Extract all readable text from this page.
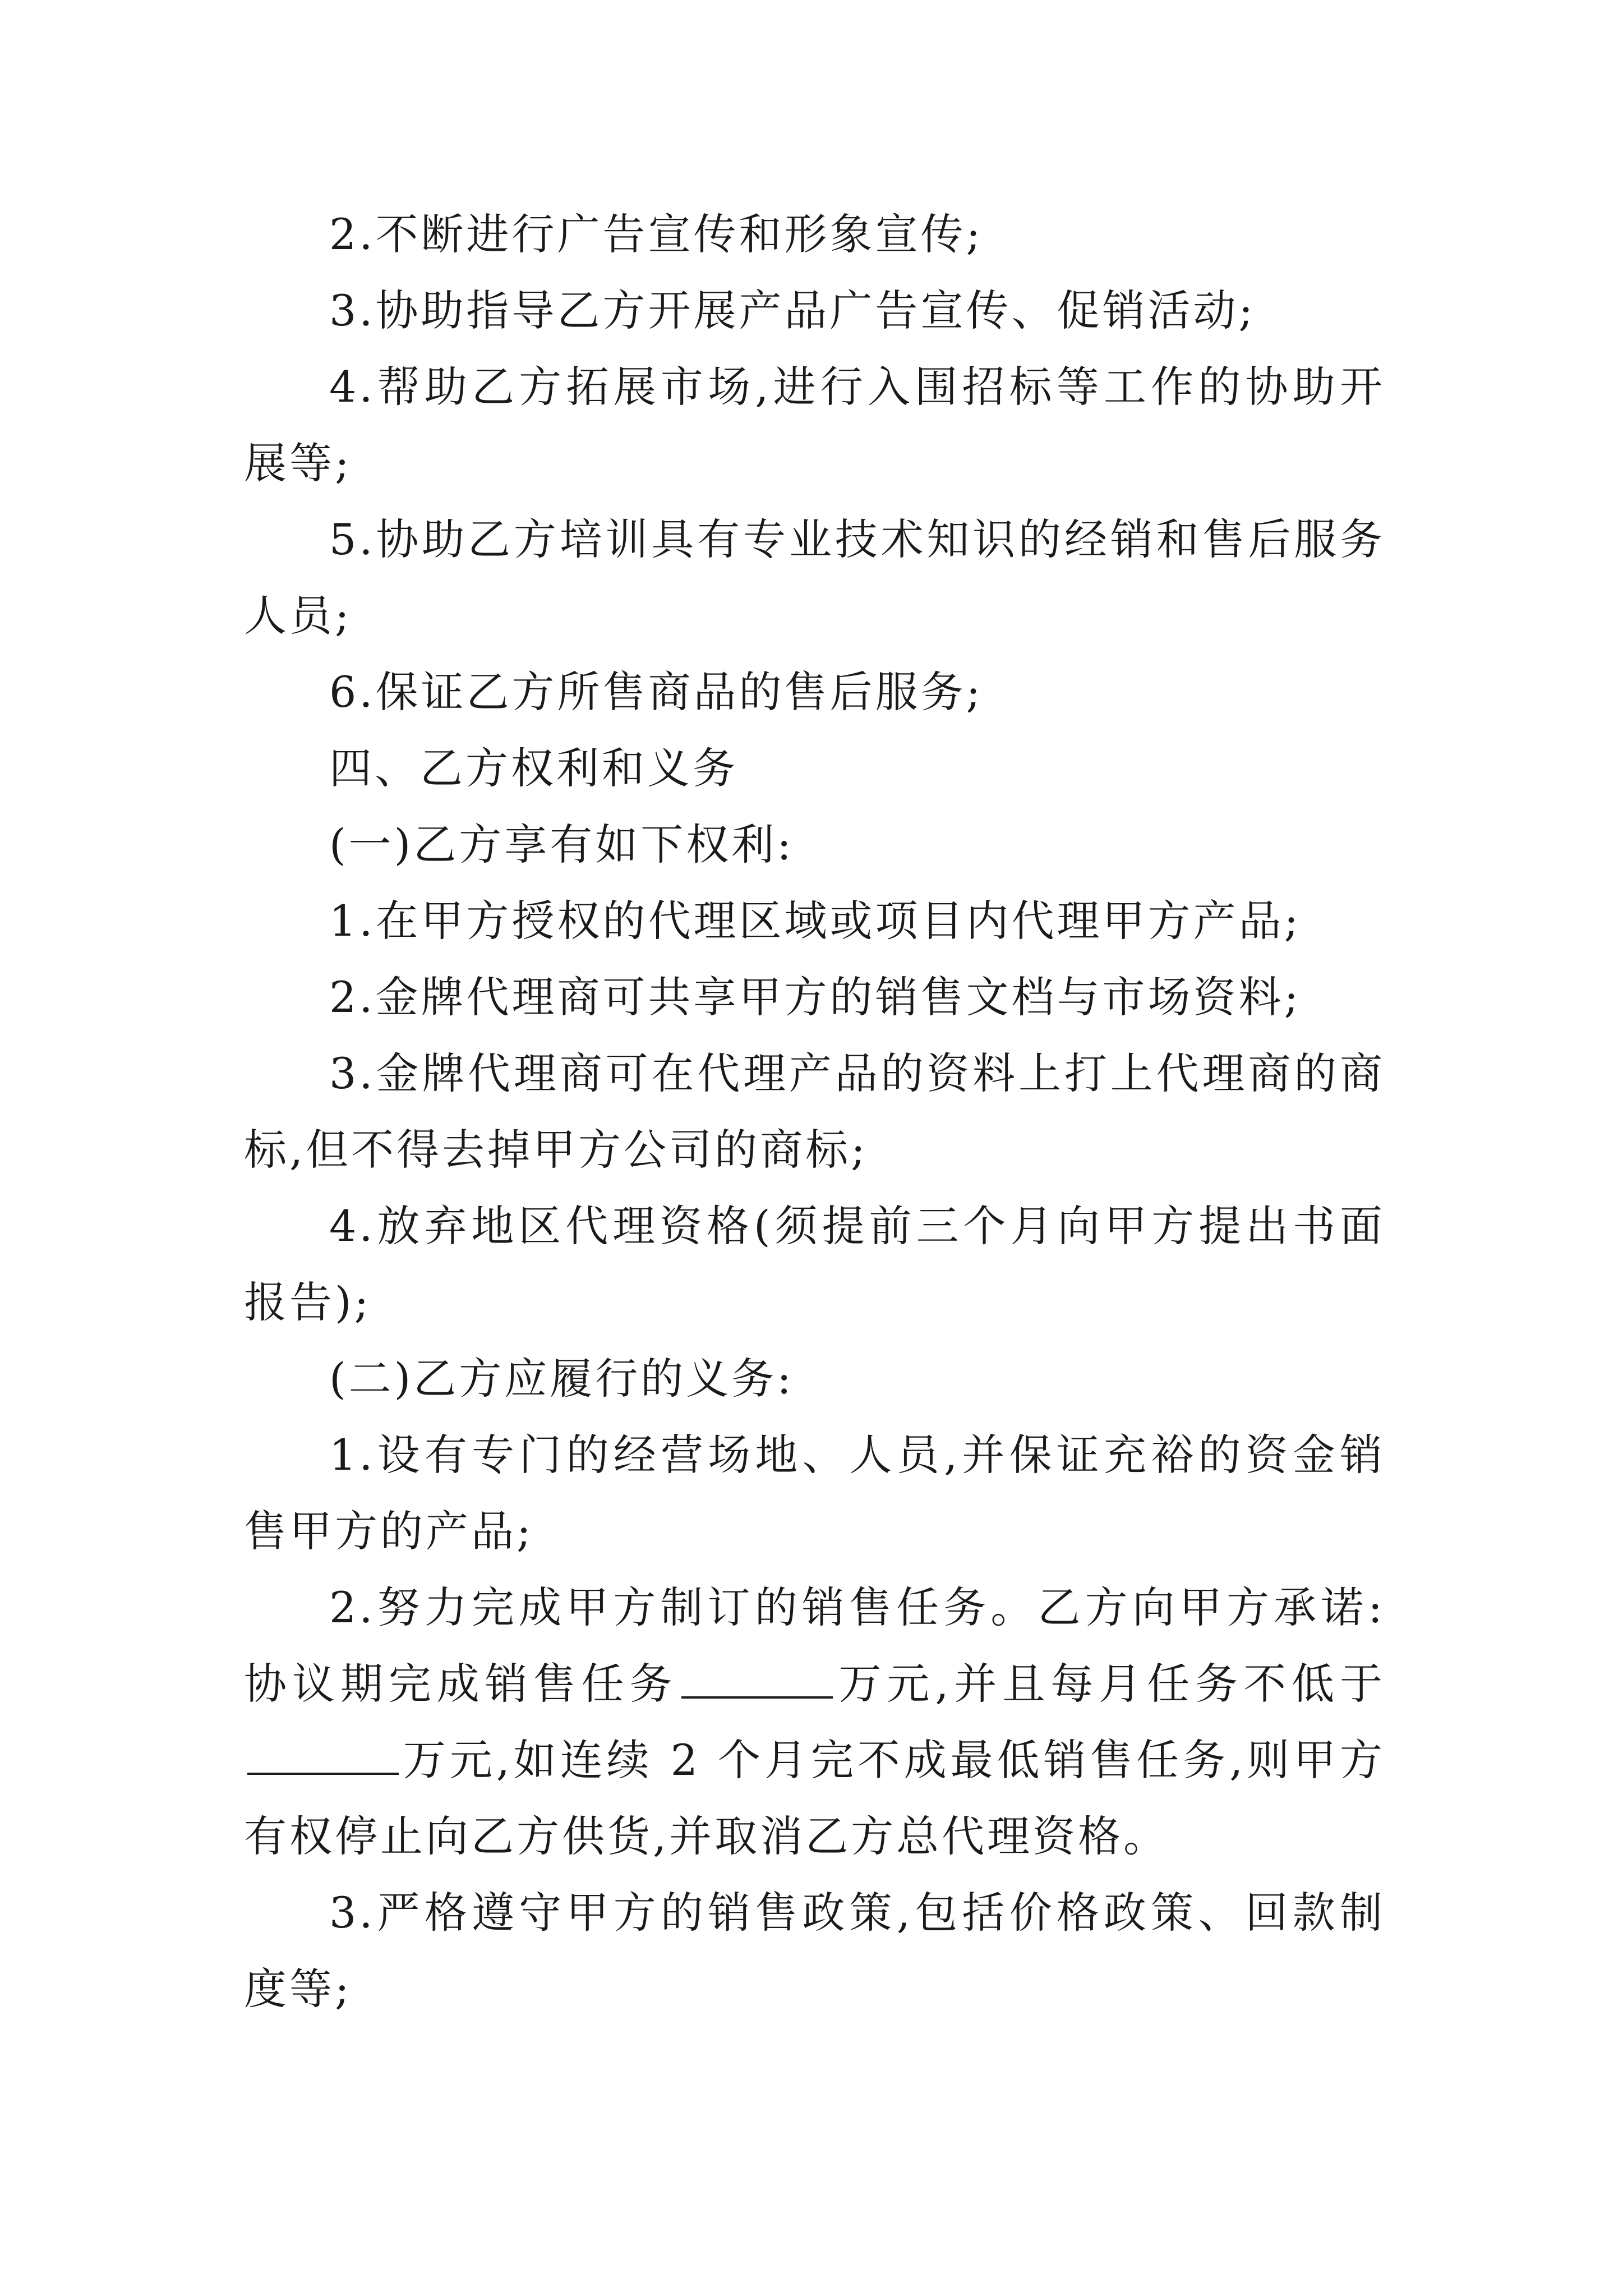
2.不断进行广告宣传和形象宣传;

3.协助指导乙方开展产品广告宣传、促销活动;

4.帮助乙方拓展市场,进行入围招标等工作的协助开展等;

5.协助乙方培训具有专业技术知识的经销和售后服务人员;

6.保证乙方所售商品的售后服务;

四、乙方权利和义务

(一)乙方享有如下权利:

1.在甲方授权的代理区域或项目内代理甲方产品;

2.金牌代理商可共享甲方的销售文档与市场资料;

3.金牌代理商可在代理产品的资料上打上代理商的商标,但不得去掉甲方公司的商标;

4.放弃地区代理资格(须提前三个月向甲方提出书面报告);

(二)乙方应履行的义务:

1.设有专门的经营场地、人员,并保证充裕的资金销售甲方的产品;

2.努力完成甲方制订的销售任务。乙方向甲方承诺:协议期完成销售任务	万元,并且每月任务不低于万元,如连续 2 个月完不成最低销售任务,则甲方有权停止向乙方供货,并取消乙方总代理资格。

3.严格遵守甲方的销售政策,包括价格政策、回款制度等;
